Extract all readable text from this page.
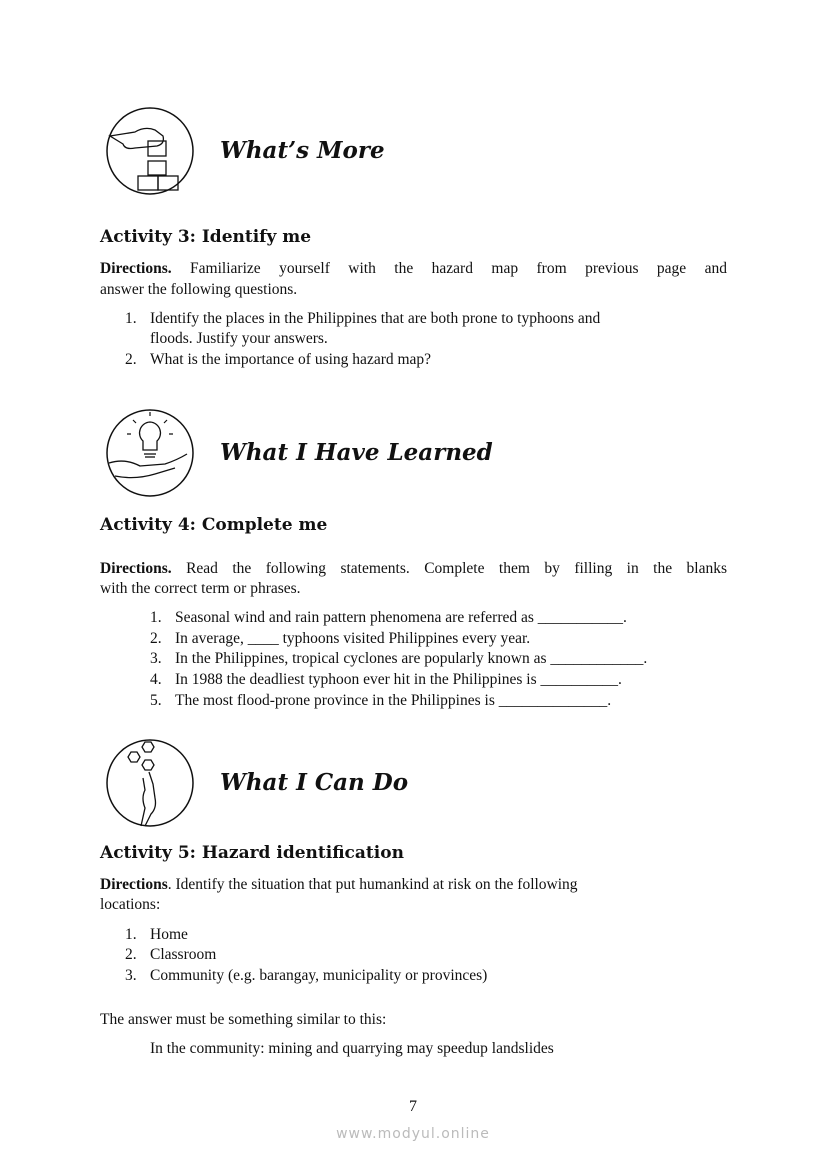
What’s More
Activity 3: Identify me
Directions. Familiarize yourself with the hazard map from previous page and
answer the following questions.
1. Identify the places in the Philippines that are both prone to typhoons and
floods. Justify your answers.
2. What is the importance of using hazard map?
What I Have Learned
Activity 4: Complete me
Directions. Read the following statements. Complete them by filling in the blanks
with the correct term or phrases.
1. Seasonal wind and rain pattern phenomena are referred as ___________.
2. In average, ____ typhoons visited Philippines every year.
3. In the Philippines, tropical cyclones are popularly known as ____________.
4. In 1988 the deadliest typhoon ever hit in the Philippines is __________.
5. The most flood-prone province in the Philippines is ______________.
What I Can Do
Activity 5: Hazard identification
Directions. Identify the situation that put humankind at risk on the following
locations:
1. Home
2. Classroom
3. Community (e.g. barangay, municipality or provinces)
The answer must be something similar to this:
In the community: mining and quarrying may speedup landslides
7
www.modyul.online
